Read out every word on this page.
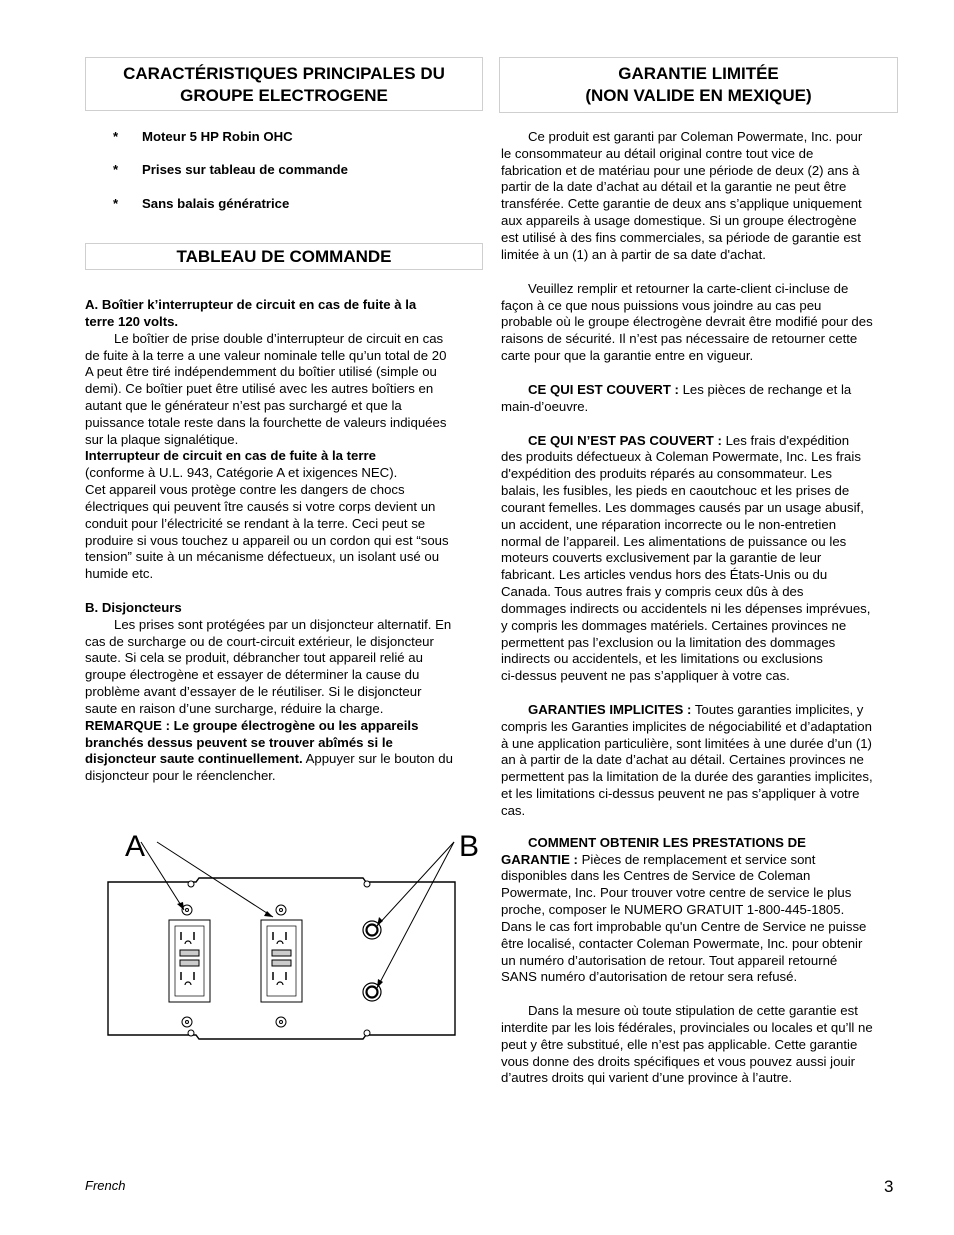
CARACTÉRISTIQUES PRINCIPALES DU
GROUPE ELECTROGENE
* Moteur 5 HP Robin OHC
* Prises sur tableau de commande
* Sans balais génératrice
TABLEAU DE COMMANDE
A. Boîtier k’interrupteur de circuit en cas de fuite à la
terre 120 volts.
Le boîtier de prise double d’interrupteur de circuit en cas
de fuite à la terre a une valeur nominale telle qu’un total de 20
A peut être tiré indépendemment du boîtier utilisé (simple ou
demi). Ce boîtier puet être utilisé avec les autres boîtiers en
autant que le générateur n’est pas surchargé et que la
puissance totale reste dans la fourchette de valeurs indiquées
sur la plaque signalétique.
Interrupteur de circuit en cas de fuite à la terre
(conforme à U.L. 943, Catégorie A et ixigences NEC).
Cet appareil vous protège contre les dangers de chocs
électriques qui peuvent ître causés si votre corps devient un
conduit pour l’électricité se rendant à la terre. Ceci peut se
produire si vous touchez u appareil ou un cordon qui est “sous
tension” suite à un mécanisme défectueux, un isolant usé ou
humide etc.
B. Disjoncteurs
Les prises sont protégées par un disjoncteur alternatif. En
cas de surcharge ou de court-circuit extérieur, le disjoncteur
saute. Si cela se produit, débrancher tout appareil relié au
groupe électrogène et essayer de déterminer la cause du
problème avant d’essayer de le réutiliser. Si le disjoncteur
saute en raison d’une surcharge, réduire la charge.
REMARQUE : Le groupe électrogène ou les appareils
branchés dessus peuvent se trouver abîmés si le
disjoncteur saute continuellement. Appuyer sur le bouton du
disjoncteur pour le réenclencher.
A	B
GARANTIE LIMITÉE
(NON VALIDE EN MEXIQUE)
Ce produit est garanti par Coleman Powermate, Inc. pour
le consommateur au détail original contre tout vice de
fabrication et de matériau pour une période de deux (2) ans à
partir de la date d’achat au détail et la garantie ne peut être
transférée. Cette garantie de deux ans s’applique uniquement
aux appareils à usage domestique. Si un groupe électrogène
est utilisé à des fins commerciales, sa période de garantie est
limitée à un (1) an à partir de sa date d'achat.
Veuillez remplir et retourner la carte-client ci-incluse de
façon à ce que nous puissions vous joindre au cas peu
probable où le groupe électrogène devrait être modifié pour des
raisons de sécurité. Il n’est pas nécessaire de retourner cette
carte pour que la garantie entre en vigueur.
CE QUI EST COUVERT : Les pièces de rechange et la
main-d’oeuvre.
CE QUI N’EST PAS COUVERT : Les frais d'expédition
des produits défectueux à Coleman Powermate, Inc. Les frais
d'expédition des produits réparés au consommateur. Les
balais, les fusibles, les pieds en caoutchouc et les prises de
courant femelles. Les dommages causés par un usage abusif,
un accident, une réparation incorrecte ou le non-entretien
normal de l’appareil. Les alimentations de puissance ou les
moteurs couverts exclusivement par la garantie de leur
fabricant. Les articles vendus hors des États-Unis ou du
Canada. Tous autres frais y compris ceux dûs à des
dommages indirects ou accidentels ni les dépenses imprévues,
y compris les dommages matériels. Certaines provinces ne
permettent pas l’exclusion ou la limitation des dommages
indirects ou accidentels, et les limitations ou exclusions
ci-dessus peuvent ne pas s’appliquer à votre cas.
GARANTIES IMPLICITES : Toutes garanties implicites, y
compris les Garanties implicites de négociabilité et d’adaptation
à une application particulière, sont limitées à une durée d’un (1)
an à partir de la date d’achat au détail. Certaines provinces ne
permettent pas la limitation de la durée des garanties implicites,
et les limitations ci-dessus peuvent ne pas s’appliquer à votre
cas.
COMMENT OBTENIR LES PRESTATIONS DE
GARANTIE : Pièces de remplacement et service sont
disponibles dans les Centres de Service de Coleman
Powermate, Inc. Pour trouver votre centre de service le plus
proche, composer le NUMERO GRATUIT 1-800-445-1805.
Dans le cas fort improbable qu'un Centre de Service ne puisse
être localisé, contacter Coleman Powermate, Inc. pour obtenir
un numéro d’autorisation de retour. Tout appareil retourné
SANS numéro d’autorisation de retour sera refusé.
Dans la mesure où toute stipulation de cette garantie est
interdite par les lois fédérales, provinciales ou locales et qu’ll ne
peut y être substitué, elle n’est pas applicable. Cette garantie
vous donne des droits spécifiques et vous pouvez aussi jouir
d’autres droits qui varient d’une province à l’autre.
French	3
